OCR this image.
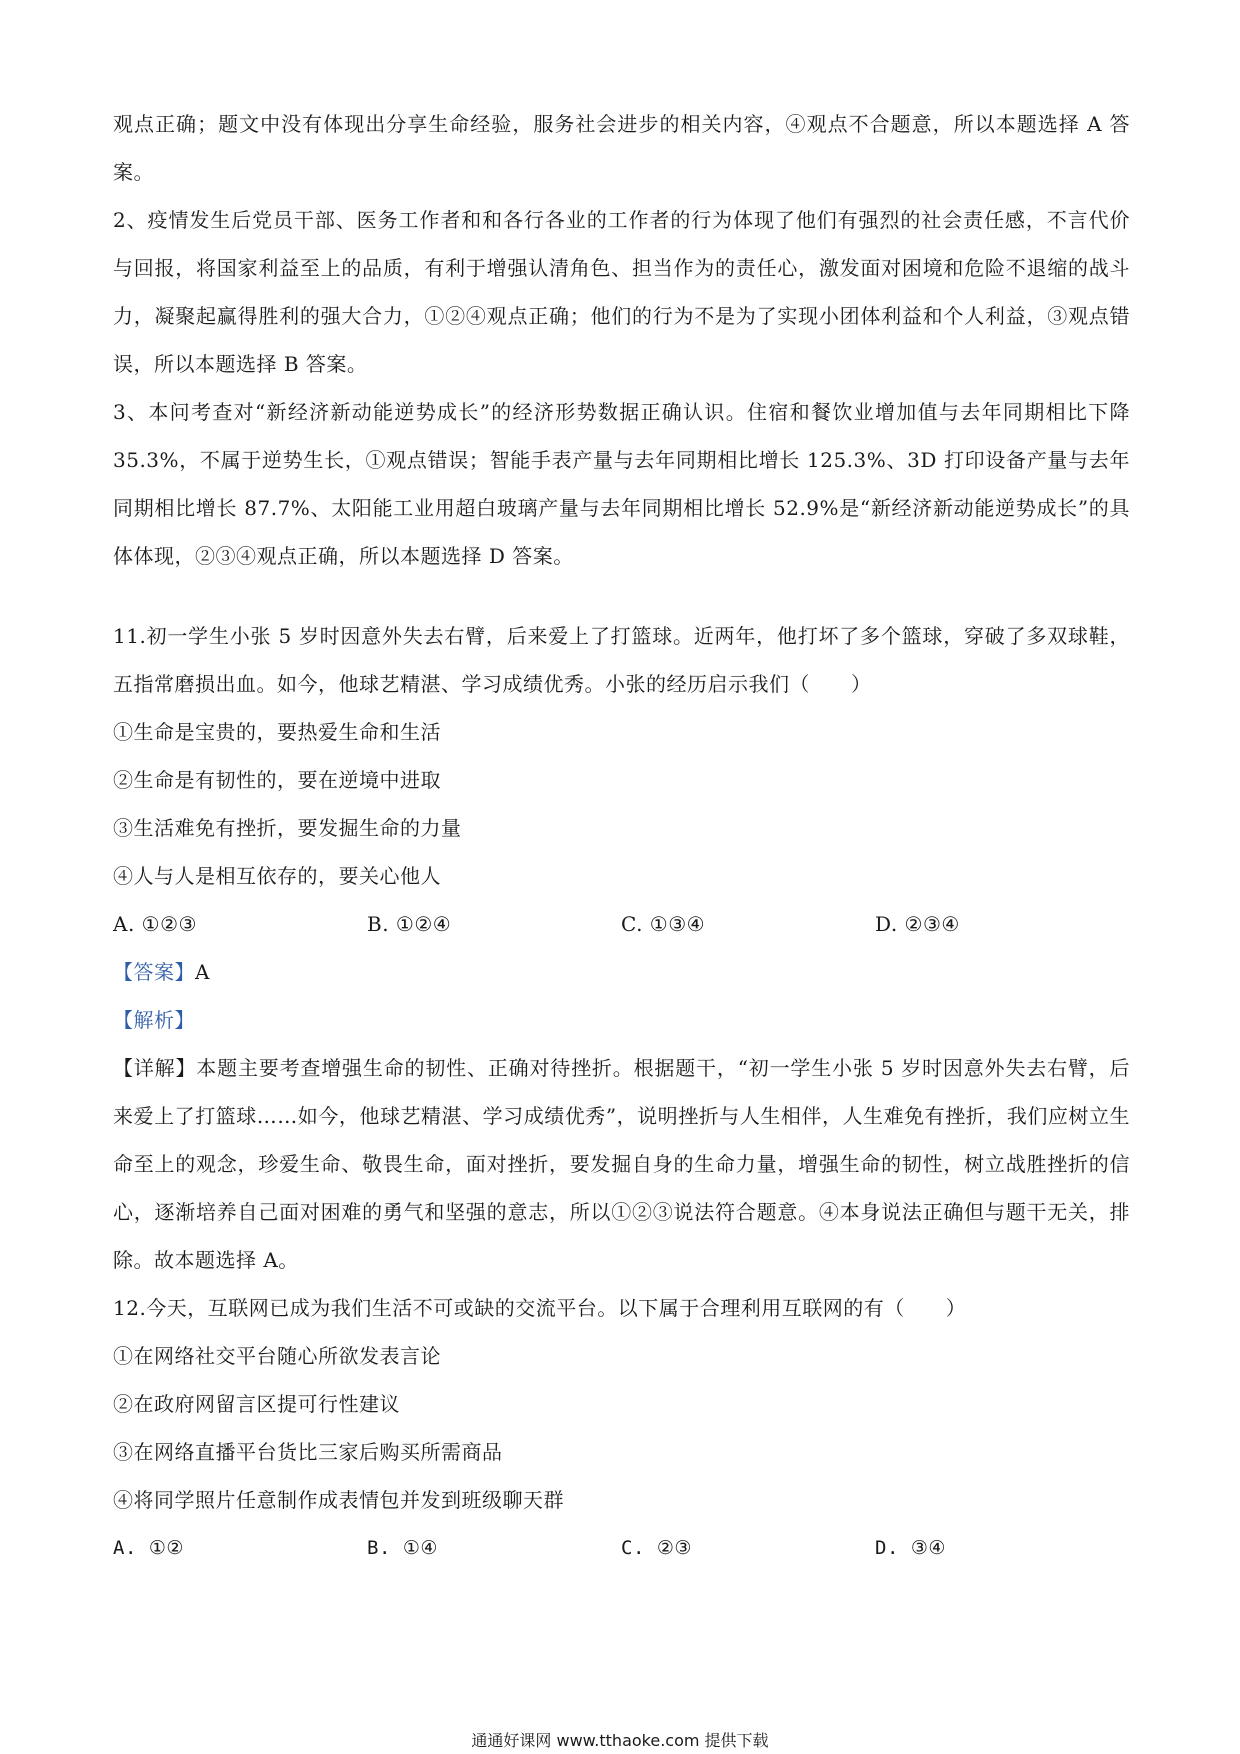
观点正确；题文中没有体现出分享生命经验，服务社会进步的相关内容，④观点不合题意，所以本题选择 A 答案。

2、疫情发生后党员干部、医务工作者和和各行各业的工作者的行为体现了他们有强烈的社会责任感，不言代价与回报，将国家利益至上的品质，有利于增强认清角色、担当作为的责任心，激发面对困境和危险不退缩的战斗力，凝聚起赢得胜利的强大合力，①②④观点正确；他们的行为不是为了实现小团体利益和个人利益，③观点错误，所以本题选择 B 答案。

3、本问考查对“新经济新动能逆势成长”的经济形势数据正确认识。住宿和餐饮业增加值与去年同期相比下降 35.3%，不属于逆势生长，①观点错误；智能手表产量与去年同期相比增长 125.3%、3D 打印设备产量与去年同期相比增长 87.7%、太阳能工业用超白玻璃产量与去年同期相比增长 52.9%是“新经济新动能逆势成长”的具体体现，②③④观点正确，所以本题选择 D 答案。

11.初一学生小张 5 岁时因意外失去右臂，后来爱上了打篮球。近两年，他打坏了多个篮球，穿破了多双球鞋，五指常磨损出血。如今，他球艺精湛、学习成绩优秀。小张的经历启示我们（　　）

①生命是宝贵的，要热爱生命和生活

②生命是有韧性的，要在逆境中进取

③生活难免有挫折，要发掘生命的力量

④人与人是相互依存的，要关心他人

A. ①②③	B. ①②④	C. ①③④	D. ②③④

【答案】A

【解析】

【详解】本题主要考查增强生命的韧性、正确对待挫折。根据题干，“初一学生小张 5 岁时因意外失去右臂，后来爱上了打篮球……如今，他球艺精湛、学习成绩优秀”，说明挫折与人生相伴，人生难免有挫折，我们应树立生命至上的观念，珍爱生命、敬畏生命，面对挫折，要发掘自身的生命力量，增强生命的韧性，树立战胜挫折的信心，逐渐培养自己面对困难的勇气和坚强的意志，所以①②③说法符合题意。④本身说法正确但与题干无关，排除。故本题选择 A。

12.今天，互联网已成为我们生活不可或缺的交流平台。以下属于合理利用互联网的有（　　）

①在网络社交平台随心所欲发表言论

②在政府网留言区提可行性建议

③在网络直播平台货比三家后购买所需商品

④将同学照片任意制作成表情包并发到班级聊天群

A. ①②	B. ①④	C. ②③	D. ③④
通通好课网 www.tthaoke.com 提供下载
